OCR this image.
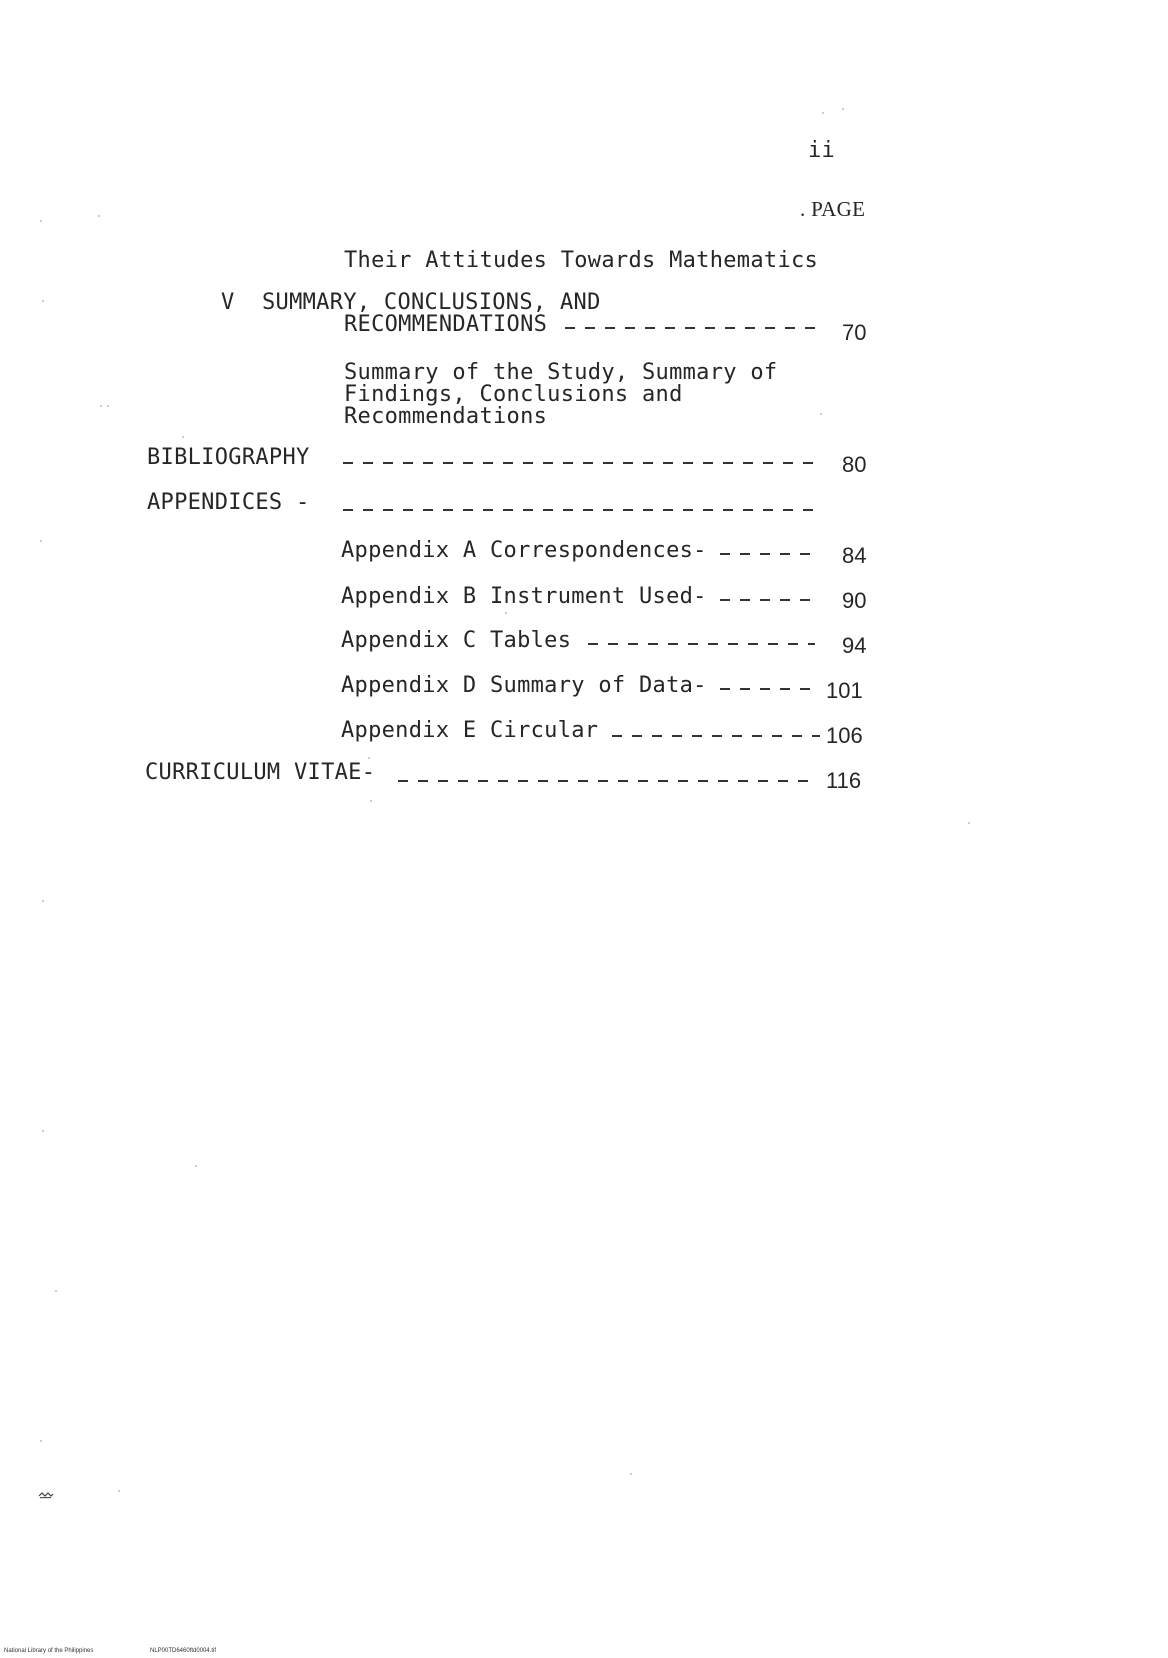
ii
. PAGE
Their Attitudes Towards Mathematics
V SUMMARY, CONCLUSIONS, AND
RECOMMENDATIONS	70
Summary of the Study, Summary of
Findings, Conclusions and
Recommendations
BIBLIOGRAPHY	80
APPENDICES -
Appendix A Correspondences-	84
Appendix B Instrument Used-	90
Appendix C Tables	94
Appendix D Summary of Data-	101
Appendix E Circular	106
CURRICULUM VITAE-	116
National Library of the Philippines	NLP00TD6460ftd0004.tif
